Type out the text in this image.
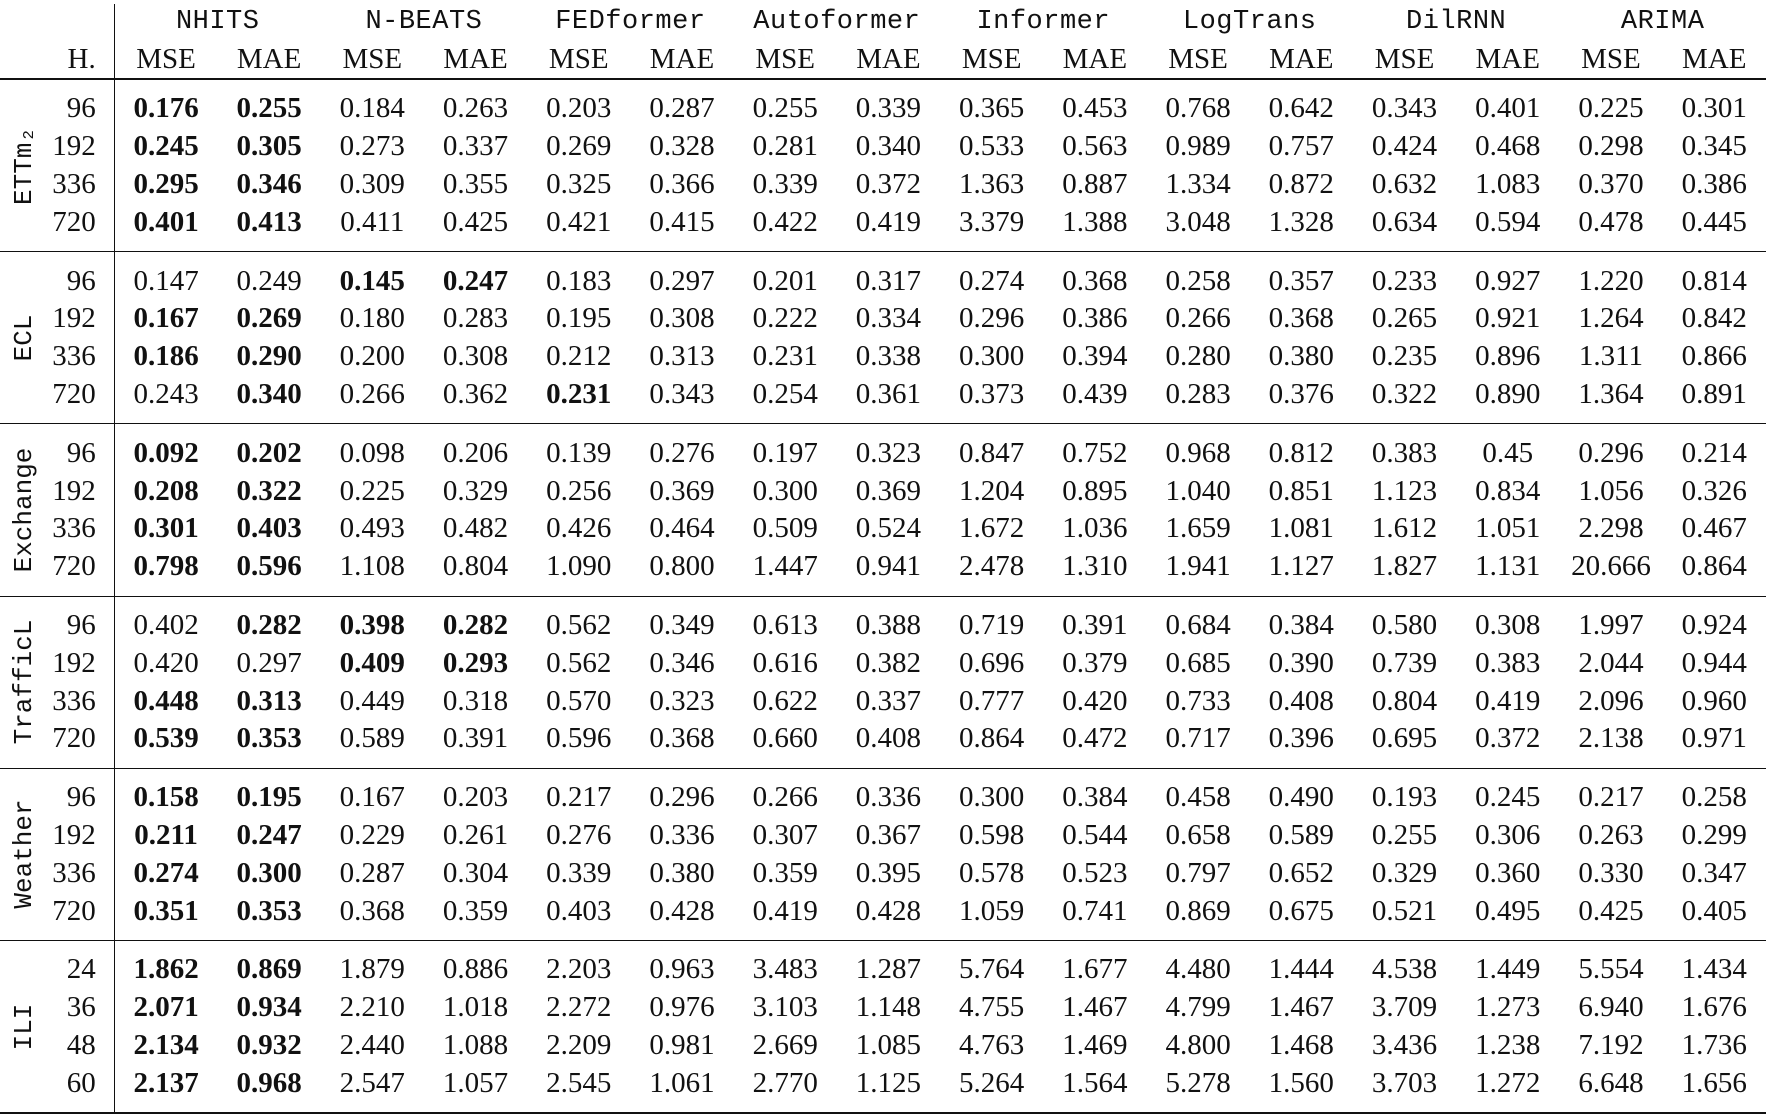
		NHITS		N-BEATS		FEDformer		Autoformer		Informer		LogTrans		DilRNN		ARIMA	
	H.	MSE	MAE	MSE	MAE	MSE	MAE	MSE	MAE	MSE	MAE	MSE	MAE	MSE	MAE	MSE	MAE

ETTm₂	96	0.176	0.255	0.184	0.263	0.203	0.287	0.255	0.339	0.365	0.453	0.768	0.642	0.343	0.401	0.225	0.301
	192	0.245	0.305	0.273	0.337	0.269	0.328	0.281	0.340	0.533	0.563	0.989	0.757	0.424	0.468	0.298	0.345
	336	0.295	0.346	0.309	0.355	0.325	0.366	0.339	0.372	1.363	0.887	1.334	0.872	0.632	1.083	0.370	0.386
	720	0.401	0.413	0.411	0.425	0.421	0.415	0.422	0.419	3.379	1.388	3.048	1.328	0.634	0.594	0.478	0.445

ECL	96	0.147	0.249	0.145	0.247	0.183	0.297	0.201	0.317	0.274	0.368	0.258	0.357	0.233	0.927	1.220	0.814
	192	0.167	0.269	0.180	0.283	0.195	0.308	0.222	0.334	0.296	0.386	0.266	0.368	0.265	0.921	1.264	0.842
	336	0.186	0.290	0.200	0.308	0.212	0.313	0.231	0.338	0.300	0.394	0.280	0.380	0.235	0.896	1.311	0.866
	720	0.243	0.340	0.266	0.362	0.231	0.343	0.254	0.361	0.373	0.439	0.283	0.376	0.322	0.890	1.364	0.891

Exchange	96	0.092	0.202	0.098	0.206	0.139	0.276	0.197	0.323	0.847	0.752	0.968	0.812	0.383	0.45	0.296	0.214
	192	0.208	0.322	0.225	0.329	0.256	0.369	0.300	0.369	1.204	0.895	1.040	0.851	1.123	0.834	1.056	0.326
	336	0.301	0.403	0.493	0.482	0.426	0.464	0.509	0.524	1.672	1.036	1.659	1.081	1.612	1.051	2.298	0.467
	720	0.798	0.596	1.108	0.804	1.090	0.800	1.447	0.941	2.478	1.310	1.941	1.127	1.827	1.131	20.666	0.864

TrafficL	96	0.402	0.282	0.398	0.282	0.562	0.349	0.613	0.388	0.719	0.391	0.684	0.384	0.580	0.308	1.997	0.924
	192	0.420	0.297	0.409	0.293	0.562	0.346	0.616	0.382	0.696	0.379	0.685	0.390	0.739	0.383	2.044	0.944
	336	0.448	0.313	0.449	0.318	0.570	0.323	0.622	0.337	0.777	0.420	0.733	0.408	0.804	0.419	2.096	0.960
	720	0.539	0.353	0.589	0.391	0.596	0.368	0.660	0.408	0.864	0.472	0.717	0.396	0.695	0.372	2.138	0.971

Weather	96	0.158	0.195	0.167	0.203	0.217	0.296	0.266	0.336	0.300	0.384	0.458	0.490	0.193	0.245	0.217	0.258
	192	0.211	0.247	0.229	0.261	0.276	0.336	0.307	0.367	0.598	0.544	0.658	0.589	0.255	0.306	0.263	0.299
	336	0.274	0.300	0.287	0.304	0.339	0.380	0.359	0.395	0.578	0.523	0.797	0.652	0.329	0.360	0.330	0.347
	720	0.351	0.353	0.368	0.359	0.403	0.428	0.419	0.428	1.059	0.741	0.869	0.675	0.521	0.495	0.425	0.405

ILI	24	1.862	0.869	1.879	0.886	2.203	0.963	3.483	1.287	5.764	1.677	4.480	1.444	4.538	1.449	5.554	1.434
	36	2.071	0.934	2.210	1.018	2.272	0.976	3.103	1.148	4.755	1.467	4.799	1.467	3.709	1.273	6.940	1.676
	48	2.134	0.932	2.440	1.088	2.209	0.981	2.669	1.085	4.763	1.469	4.800	1.468	3.436	1.238	7.192	1.736
	60	2.137	0.968	2.547	1.057	2.545	1.061	2.770	1.125	5.264	1.564	5.278	1.560	3.703	1.272	6.648	1.656
